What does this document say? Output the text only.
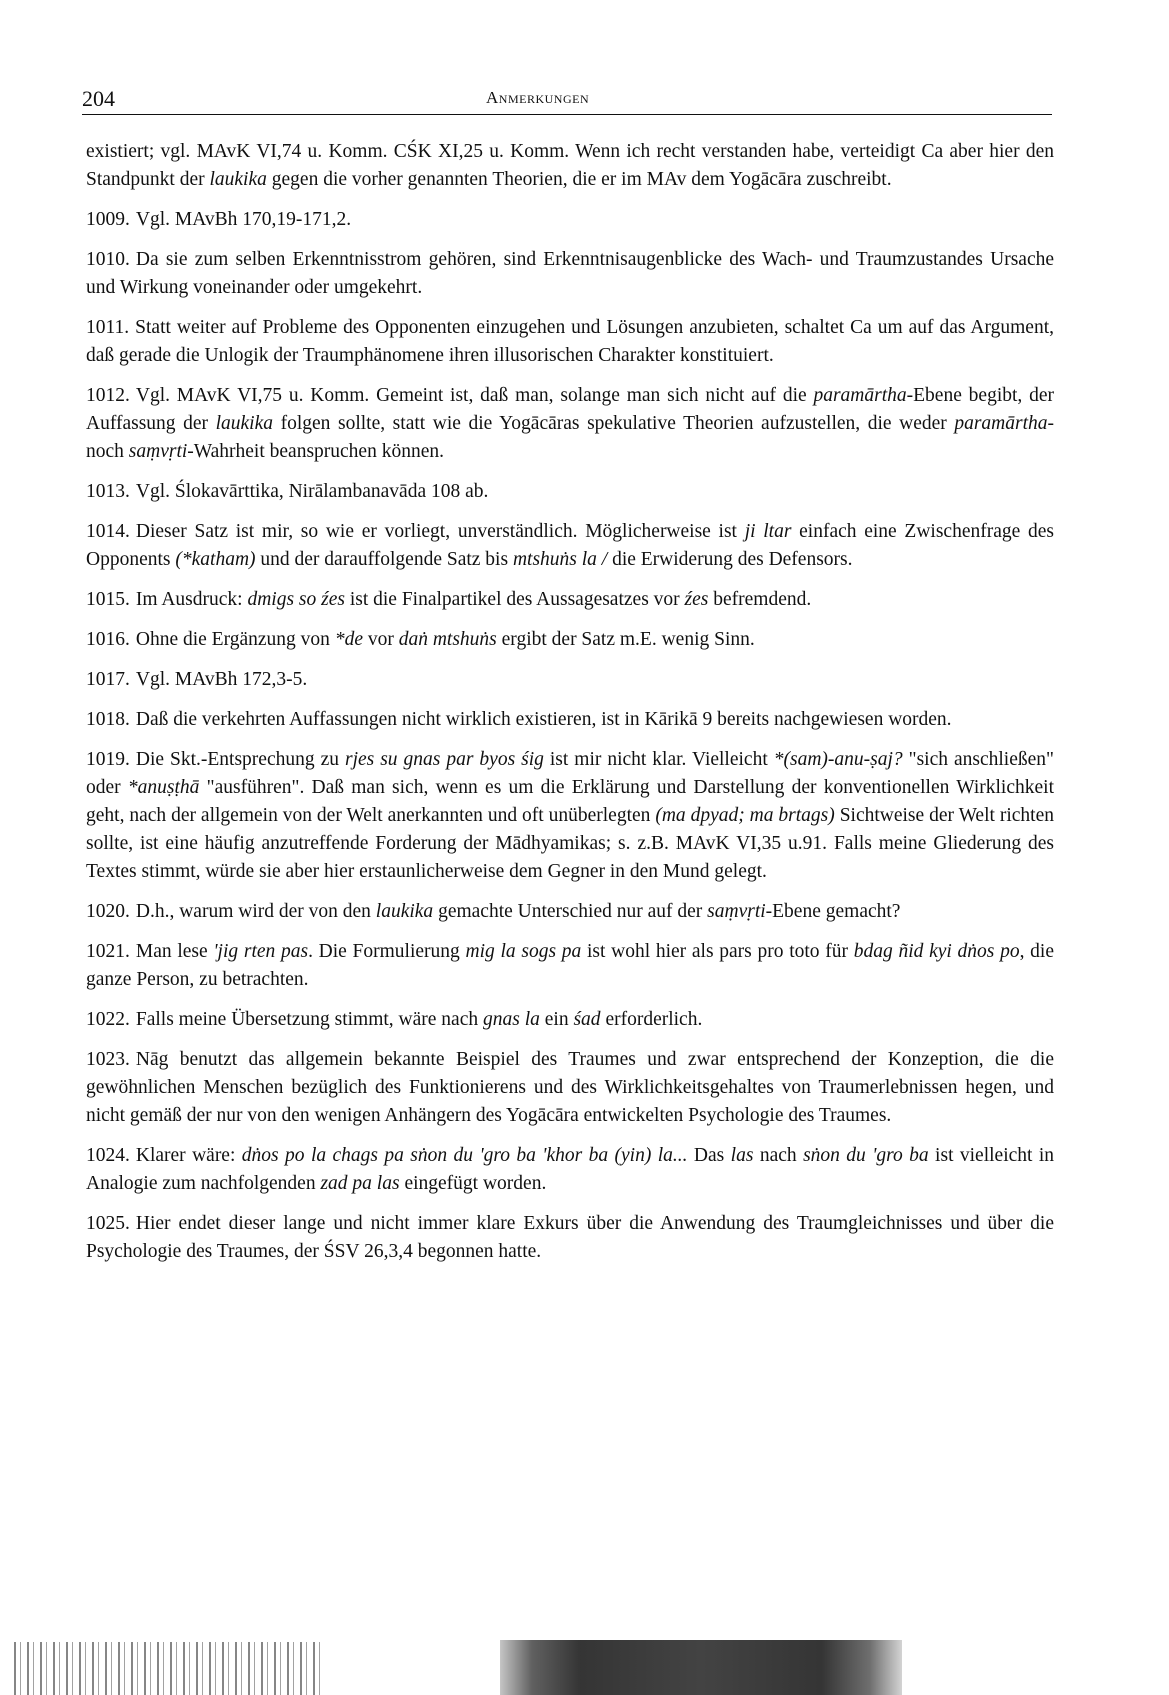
204	Anmerkungen

existiert; vgl. MAvK VI,74 u. Komm. CŚK XI,25 u. Komm. Wenn ich recht verstanden habe, verteidigt Ca aber hier den Standpunkt der laukika gegen die vorher genannten Theorien, die er im MAv dem Yogācāra zuschreibt.

1009. Vgl. MAvBh 170,19-171,2.

1010. Da sie zum selben Erkenntnisstrom gehören, sind Erkenntnisaugenblicke des Wach- und Traumzustandes Ursache und Wirkung voneinander oder umgekehrt.

1011. Statt weiter auf Probleme des Opponenten einzugehen und Lösungen anzubieten, schaltet Ca um auf das Argument, daß gerade die Unlogik der Traumphänomene ihren illusorischen Charakter konstituiert.

1012. Vgl. MAvK VI,75 u. Komm. Gemeint ist, daß man, solange man sich nicht auf die paramārtha-Ebene begibt, der Auffassung der laukika folgen sollte, statt wie die Yogācāras spekulative Theorien aufzustellen, die weder paramārtha- noch saṃvṛti-Wahrheit beanspruchen können.

1013. Vgl. Ślokavārttika, Nirālambanavāda 108 ab.

1014. Dieser Satz ist mir, so wie er vorliegt, unverständlich. Möglicherweise ist ji ltar einfach eine Zwischenfrage des Opponents (*katham) und der darauffolgende Satz bis mtshuṅs la / die Erwiderung des Defensors.

1015. Im Ausdruck: dmigs so źes ist die Finalpartikel des Aussagesatzes vor źes befremdend.

1016. Ohne die Ergänzung von *de vor daṅ mtshuṅs ergibt der Satz m.E. wenig Sinn.

1017. Vgl. MAvBh 172,3-5.

1018. Daß die verkehrten Auffassungen nicht wirklich existieren, ist in Kārikā 9 bereits nachgewiesen worden.

1019. Die Skt.-Entsprechung zu rjes su gnas par byos śig ist mir nicht klar. Vielleicht *(sam)-anu-ṣaj? "sich anschließen" oder *anuṣṭhā "ausführen". Daß man sich, wenn es um die Erklärung und Darstellung der konventionellen Wirklichkeit geht, nach der allgemein von der Welt anerkannten und oft unüberlegten (ma dpyad; ma brtags) Sichtweise der Welt richten sollte, ist eine häufig anzutreffende Forderung der Mādhyamikas; s. z.B. MAvK VI,35 u.91. Falls meine Gliederung des Textes stimmt, würde sie aber hier erstaunlicherweise dem Gegner in den Mund gelegt.

1020. D.h., warum wird der von den laukika gemachte Unterschied nur auf der saṃvṛti-Ebene gemacht?

1021. Man lese 'jig rten pas. Die Formulierung mig la sogs pa ist wohl hier als pars pro toto für bdag ñid kyi dṅos po, die ganze Person, zu betrachten.

1022. Falls meine Übersetzung stimmt, wäre nach gnas la ein śad erforderlich.

1023. Nāg benutzt das allgemein bekannte Beispiel des Traumes und zwar entsprechend der Konzeption, die die gewöhnlichen Menschen bezüglich des Funktionierens und des Wirklichkeitsgehaltes von Traumerlebnissen hegen, und nicht gemäß der nur von den wenigen Anhängern des Yogācāra entwickelten Psychologie des Traumes.

1024. Klarer wäre: dṅos po la chags pa sṅon du 'gro ba 'khor ba (yin) la... Das las nach sṅon du 'gro ba ist vielleicht in Analogie zum nachfolgenden zad pa las eingefügt worden.

1025. Hier endet dieser lange und nicht immer klare Exkurs über die Anwendung des Traumgleichnisses und über die Psychologie des Traumes, der ŚSV 26,3,4 begonnen hatte.
